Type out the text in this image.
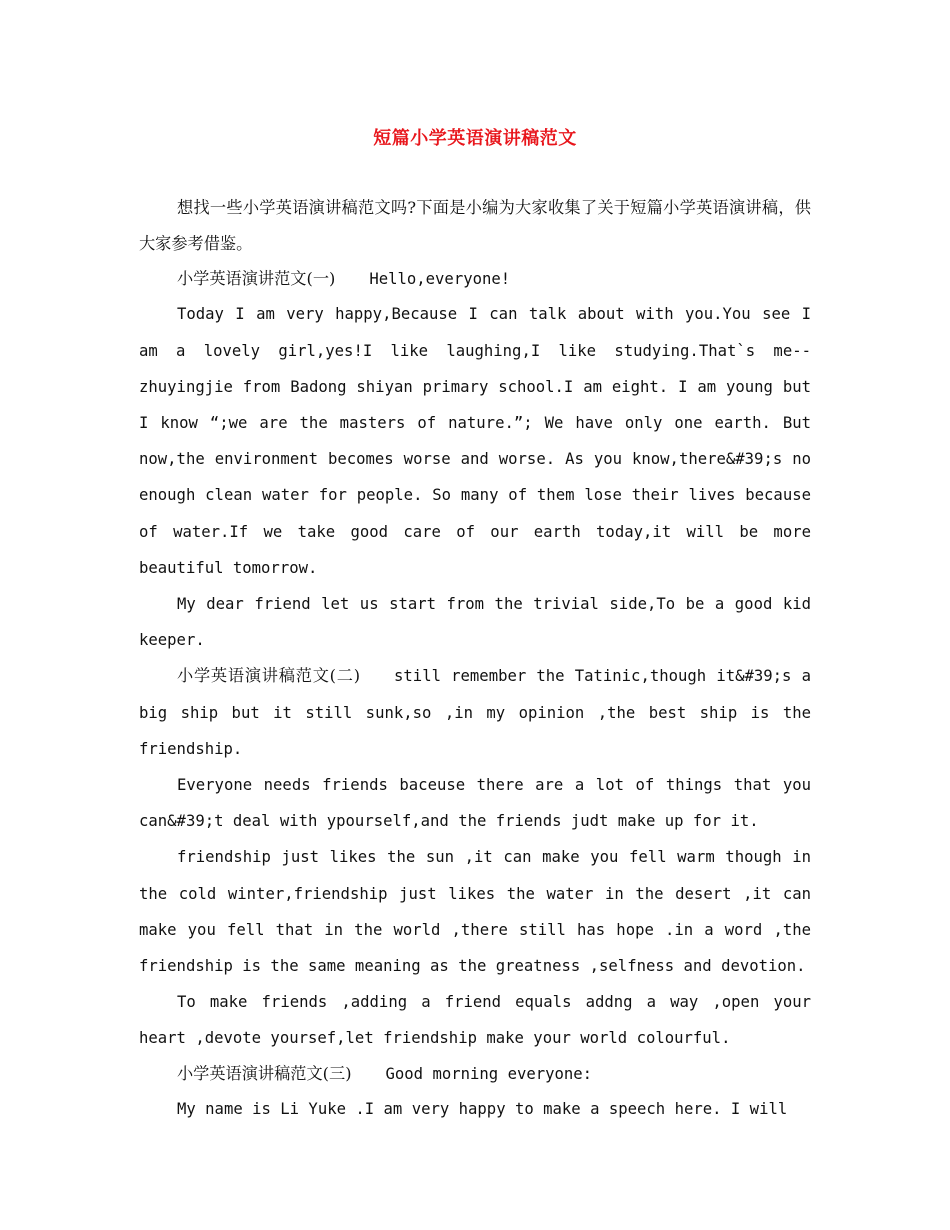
短篇小学英语演讲稿范文

想找一些小学英语演讲稿范文吗?下面是小编为大家收集了关于短篇小学英语演讲稿，供大家参考借鉴。

小学英语演讲范文(一) Hello,everyone!

Today I am very happy,Because I can talk about with you.You see I am a lovely girl,yes!I like laughing,I like studying.That`s me--zhuyingjie from Badong shiyan primary school.I am eight. I am young but I know “;we are the masters of nature.”; We have only one earth. But now,the environment becomes worse and worse. As you know,there&#39;s no enough clean water for people. So many of them lose their lives because of water.If we take good care of our earth today,it will be more beautiful tomorrow.

My dear friend let us start from the trivial side,To be a good kid keeper.

小学英语演讲稿范文(二) still remember the Tatinic,though it&#39;s a big ship but it still sunk,so ,in my opinion ,the best ship is the friendship.

Everyone needs friends baceuse there are a lot of things that you can&#39;t deal with ypourself,and the friends judt make up for it.

friendship just likes the sun ,it can make you fell warm though in the cold winter,friendship just likes the water in the desert ,it can make you fell that in the world ,there still has hope .in a word ,the friendship is the same meaning as the greatness ,selfness and devotion.

To make friends ,adding a friend equals addng a way ,open your heart ,devote yoursef,let friendship make your world colourful.

小学英语演讲稿范文(三) Good morning everyone:

My name is Li Yuke .I am very happy to make a speech here. I will
